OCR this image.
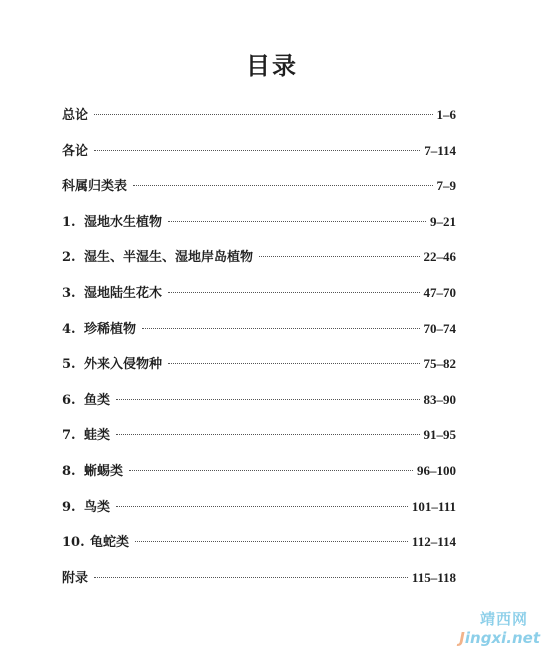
目录
总论	1–6
各论	7–114
科属归类表	7–9
1. 湿地水生植物	9–21
2. 湿生、半湿生、湿地岸岛植物	22–46
3. 湿地陆生花木	47–70
4. 珍稀植物	70–74
5. 外来入侵物种	75–82
6. 鱼类	83–90
7. 蛙类	91–95
8. 蜥蜴类	96–100
9. 鸟类	101–111
10. 龟蛇类	112–114
附录	115–118
靖西网
Jingxi.net
